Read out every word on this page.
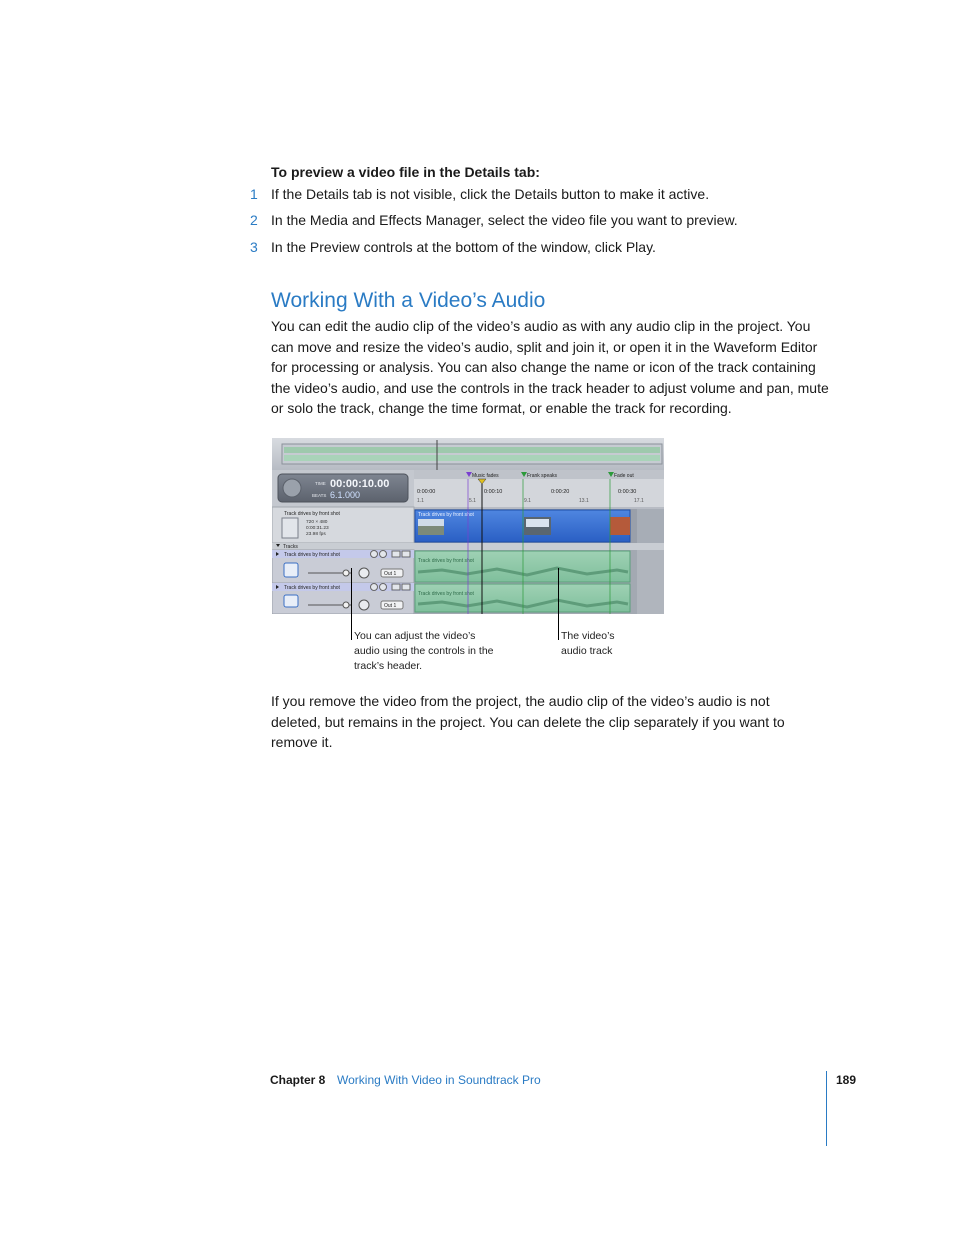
To preview a video file in the Details tab:
1 If the Details tab is not visible, click the Details button to make it active.
2 In the Media and Effects Manager, select the video file you want to preview.
3 In the Preview controls at the bottom of the window, click Play.
Working With a Video’s Audio
You can edit the audio clip of the video’s audio as with any audio clip in the project. You can move and resize the video’s audio, split and join it, or open it in the Waveform Editor for processing or analysis. You can also change the name or icon of the track containing the video’s audio, and use the controls in the track header to adjust volume and pan, mute or solo the track, change the time format, or enable the track for recording.
TIME 00:00:10.00
BEATS 6.1.000
Music fades	Frank speaks	Fade out
0:00:00	0:00:10	0:00:20	0:00:30
1.1	5.1	9.1	13.1	17.1
Track drives by front shot
720 × 480
0:00:31.23
23.98 fps
Track drives by front shot
Tracks
Track drives by front shot
Out 1
Track drives by front shot
Track drives by front shot
Out 1
Track drives by front shot
You can adjust the video’s
audio using the controls in the
track’s header.
The video’s
audio track
If you remove the video from the project, the audio clip of the video’s audio is not deleted, but remains in the project. You can delete the clip separately if you want to remove it.
Chapter 8 Working With Video in Soundtrack Pro	189
